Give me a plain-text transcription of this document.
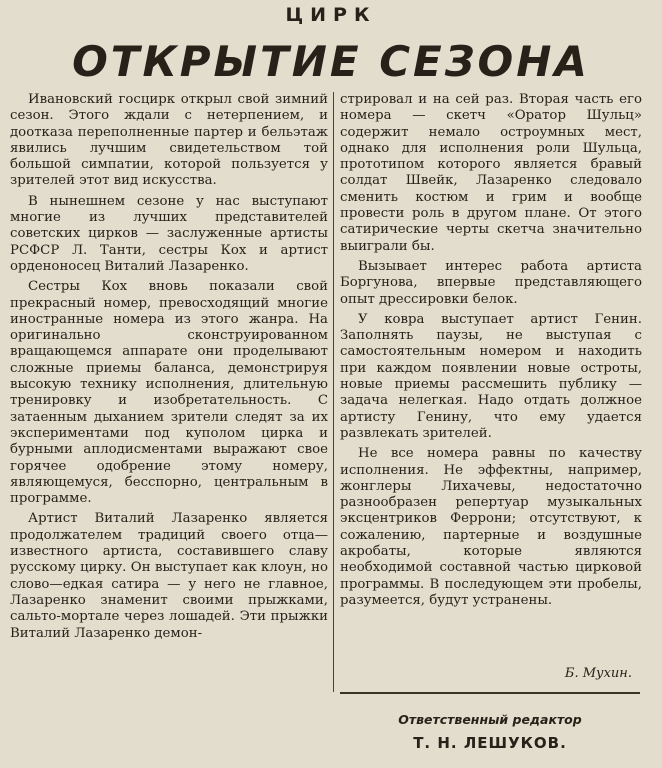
ЦИРК
ОТКРЫТИЕ СЕЗОНА

Ивановский госцирк открыл свой зимний сезон. Этого ждали с нетерпением, и доотказа переполненные партер и бельэтаж явились лучшим свидетельством той большой симпатии, которой пользуется у зрителей этот вид искусства.

В нынешнем сезоне у нас выступают многие из лучших представителей советских цирков — заслуженные артисты РСФСР Л. Танти, сестры Кох и артист орденоносец Виталий Лазаренко.

Сестры Кох вновь показали свой прекрасный номер, превосходящий многие иностранные номера из этого жанра. На оригинально сконструированном вращающемся аппарате они проделывают сложные приемы баланса, демонстрируя высокую технику исполнения, длительную тренировку и изобретательность. С затаенным дыханием зрители следят за их экспериментами под куполом цирка и бурными аплодисментами выражают свое горячее одобрение этому номеру, являющемуся, бесспорно, центральным в программе.

Артист Виталий Лазаренко является продолжателем традиций своего отца—известного артиста, составившего славу русскому цирку. Он выступает как клоун, но слово—едкая сатира — у него не главное, Лазаренко знаменит своими прыжками, сальто-мортале через лошадей. Эти прыжки Виталий Лазаренко демон-

стрировал и на сей раз. Вторая часть его номера — скетч «Оратор Шульц» содержит немало остроумных мест, однако для исполнения роли Шульца, прототипом которого является бравый солдат Швейк, Лазаренко следовало сменить костюм и грим и вообще провести роль в другом плане. От этого сатирические черты скетча значительно выиграли бы.

Вызывает интерес работа артиста Боргунова, впервые представляющего опыт дрессировки белок.

У ковра выступает артист Генин. Заполнять паузы, не выступая с самостоятельным номером и находить при каждом появлении новые остроты, новые приемы рассмешить публику — задача нелегкая. Надо отдать должное артисту Генину, что ему удается развлекать зрителей.

Не все номера равны по качеству исполнения. Не эффектны, например, жонглеры Лихачевы, недостаточно разнообразен репертуар музыкальных эксцентриков Феррони; отсутствуют, к сожалению, партерные и воздушные акробаты, которые являются необходимой составной частью цирковой программы. В последующем эти пробелы, разумеется, будут устранены.

Б. Мухин.
Ответственный редактор
Т. Н. ЛЕШУКОВ.
